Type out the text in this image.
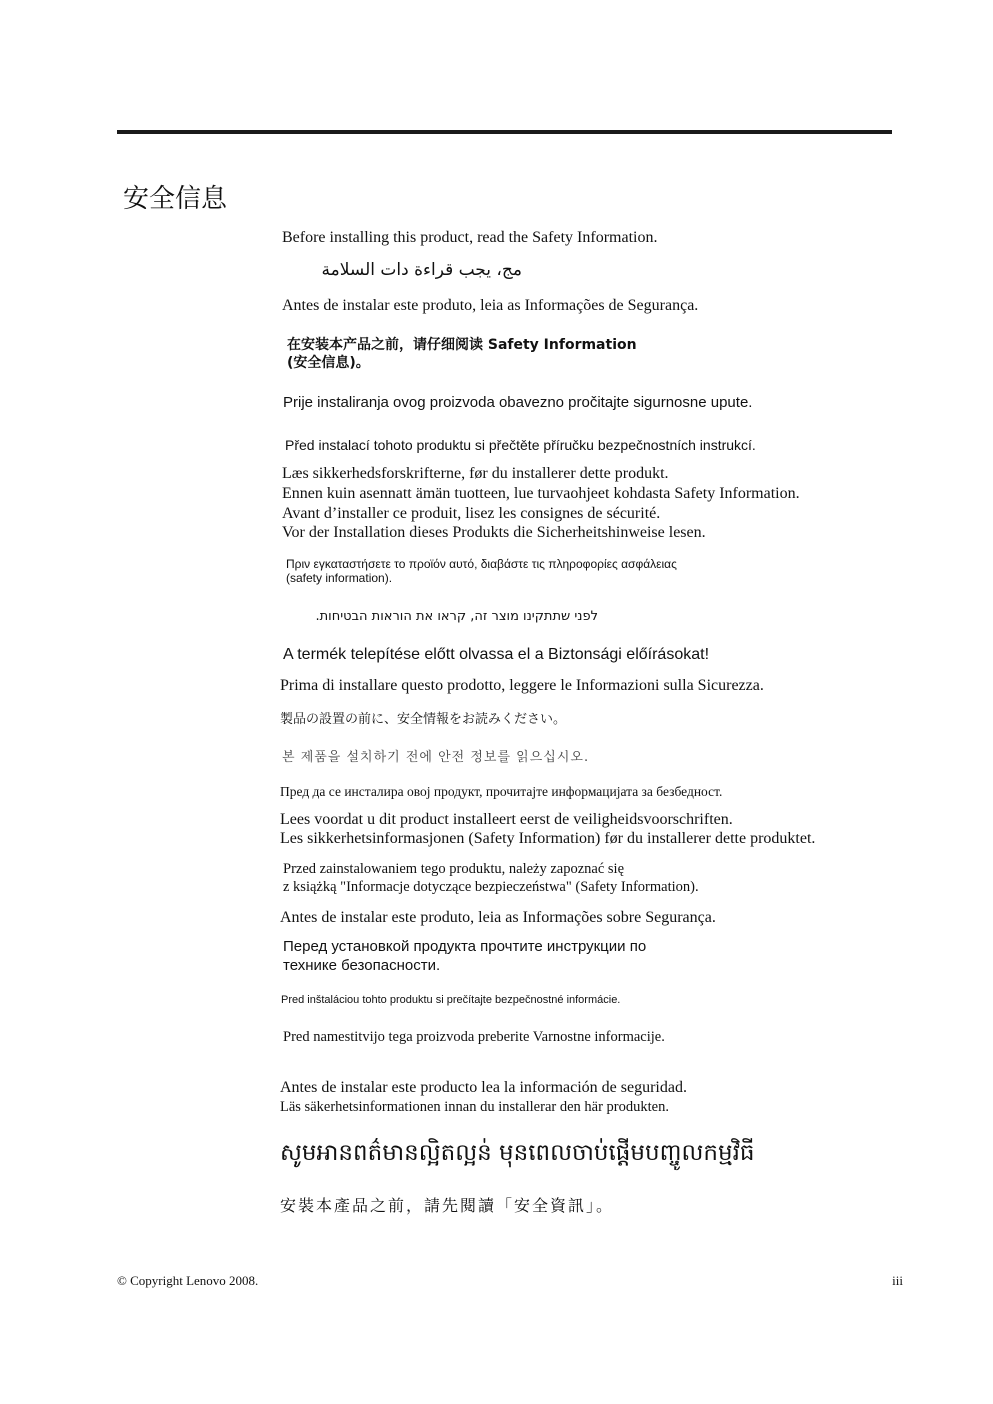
安全信息

Before installing this product, read the Safety Information.

مج، يجب قراءة دات السلامة

Antes de instalar este produto, leia as Informações de Segurança.

在安装本产品之前，请仔细阅读 Safety Information

(安全信息)。

Prije instaliranja ovog proizvoda obavezno pročitajte sigurnosne upute.

Před instalací tohoto produktu si přečtěte příručku bezpečnostních instrukcí.

Læs sikkerhedsforskrifterne, før du installerer dette produkt.

Ennen kuin asennatt ämän tuotteen, lue turvaohjeet kohdasta Safety Information.

Avant d’installer ce produit, lisez les consignes de sécurité.

Vor der Installation dieses Produkts die Sicherheitshinweise lesen.

Πριν εγκαταστήσετε το προϊόν αυτό, διαβάστε τις πληροφορίες ασφάλειας

(safety information).

לפני שתתקינו מוצר זה, קראו את הוראות הבטיחות.

A termék telepítése előtt olvassa el a Biztonsági előírásokat!

Prima di installare questo prodotto, leggere le Informazioni sulla Sicurezza.

製品の設置の前に、安全情報をお読みください。

본 제품을 설치하기 전에 안전 정보를 읽으십시오.

Пред да се инсталира овој продукт, прочитајте информацијата за безбедност.

Lees voordat u dit product installeert eerst de veiligheidsvoorschriften.

Les sikkerhetsinformasjonen (Safety Information) før du installerer dette produktet.

Przed zainstalowaniem tego produktu, należy zapoznać się

z książką "Informacje dotyczące bezpieczeństwa" (Safety Information).

Antes de instalar este produto, leia as Informações sobre Segurança.

Перед установкой продукта прочтите инструкции по

технике безопасности.

Pred inštaláciou tohto produktu si prečítajte bezpečnostné informácie.

Pred namestitvijo tega proizvoda preberite Varnostne informacije.

Antes de instalar este producto lea la información de seguridad.

Läs säkerhetsinformationen innan du installerar den här produkten.

សូមអានពត៌មានល្អិតល្អន់ មុនពេលចាប់ផ្តើមបញ្ចូលកម្មវិធី

安裝本產品之前，請先閱讀「安全資訊」。

© Copyright Lenovo 2008.	iii
